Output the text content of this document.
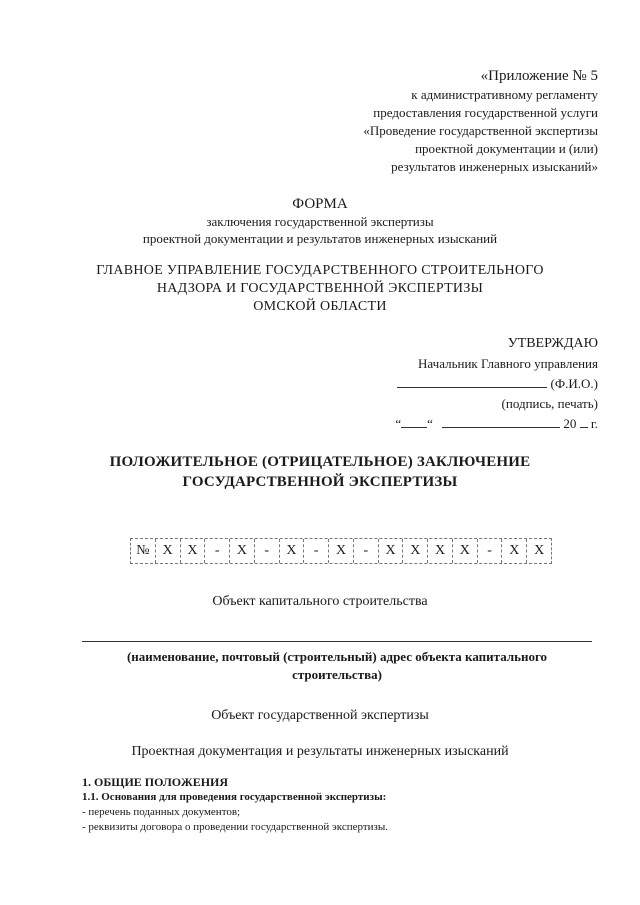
«Приложение № 5
к административному регламенту
предоставления государственной услуги
«Проведение государственной экспертизы
проектной документации и (или)
результатов инженерных изысканий»
ФОРМА
заключения государственной экспертизы
проектной документации и результатов инженерных изысканий
ГЛАВНОЕ УПРАВЛЕНИЕ ГОСУДАРСТВЕННОГО СТРОИТЕЛЬНОГО
НАДЗОРА И ГОСУДАРСТВЕННОЙ ЭКСПЕРТИЗЫ
ОМСКОЙ ОБЛАСТИ
УТВЕРЖДАЮ
Начальник Главного управления
(Ф.И.О.)
(подпись, печать)
“ “	20 г.
ПОЛОЖИТЕЛЬНОЕ (ОТРИЦАТЕЛЬНОЕ) ЗАКЛЮЧЕНИЕ
ГОСУДАРСТВЕННОЙ ЭКСПЕРТИЗЫ
№ X	X	-	X	-	X	-	X	-	X	X	X	X	-	X	X
Объект капитального строительства
(наименование, почтовый (строительный) адрес объекта капитального
строительства)
Объект государственной экспертизы
Проектная документация и результаты инженерных изысканий
1. ОБЩИЕ ПОЛОЖЕНИЯ
1.1. Основания для проведения государственной экспертизы:
- перечень поданных документов;
- реквизиты договора о проведении государственной экспертизы.
